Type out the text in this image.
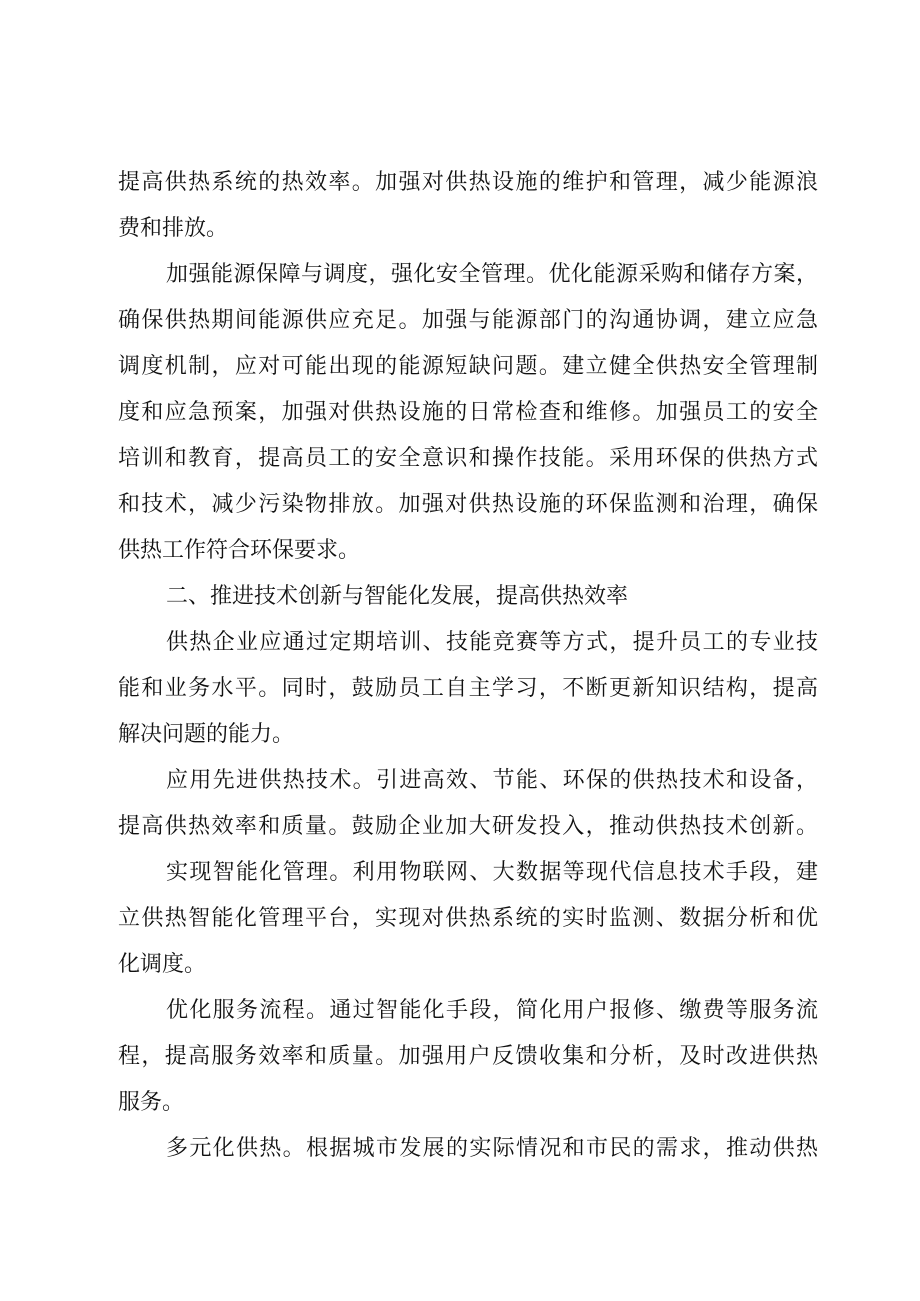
提高供热系统的热效率。加强对供热设施的维护和管理，减少能源浪
费和排放。
加强能源保障与调度，强化安全管理。优化能源采购和储存方案，
确保供热期间能源供应充足。加强与能源部门的沟通协调，建立应急
调度机制，应对可能出现的能源短缺问题。建立健全供热安全管理制
度和应急预案，加强对供热设施的日常检查和维修。加强员工的安全
培训和教育，提高员工的安全意识和操作技能。采用环保的供热方式
和技术，减少污染物排放。加强对供热设施的环保监测和治理，确保
供热工作符合环保要求。
二、推进技术创新与智能化发展，提高供热效率
供热企业应通过定期培训、技能竞赛等方式，提升员工的专业技
能和业务水平。同时，鼓励员工自主学习，不断更新知识结构，提高
解决问题的能力。
应用先进供热技术。引进高效、节能、环保的供热技术和设备，
提高供热效率和质量。鼓励企业加大研发投入，推动供热技术创新。
实现智能化管理。利用物联网、大数据等现代信息技术手段，建
立供热智能化管理平台，实现对供热系统的实时监测、数据分析和优
化调度。
优化服务流程。通过智能化手段，简化用户报修、缴费等服务流
程，提高服务效率和质量。加强用户反馈收集和分析，及时改进供热
服务。
多元化供热。根据城市发展的实际情况和市民的需求，推动供热
